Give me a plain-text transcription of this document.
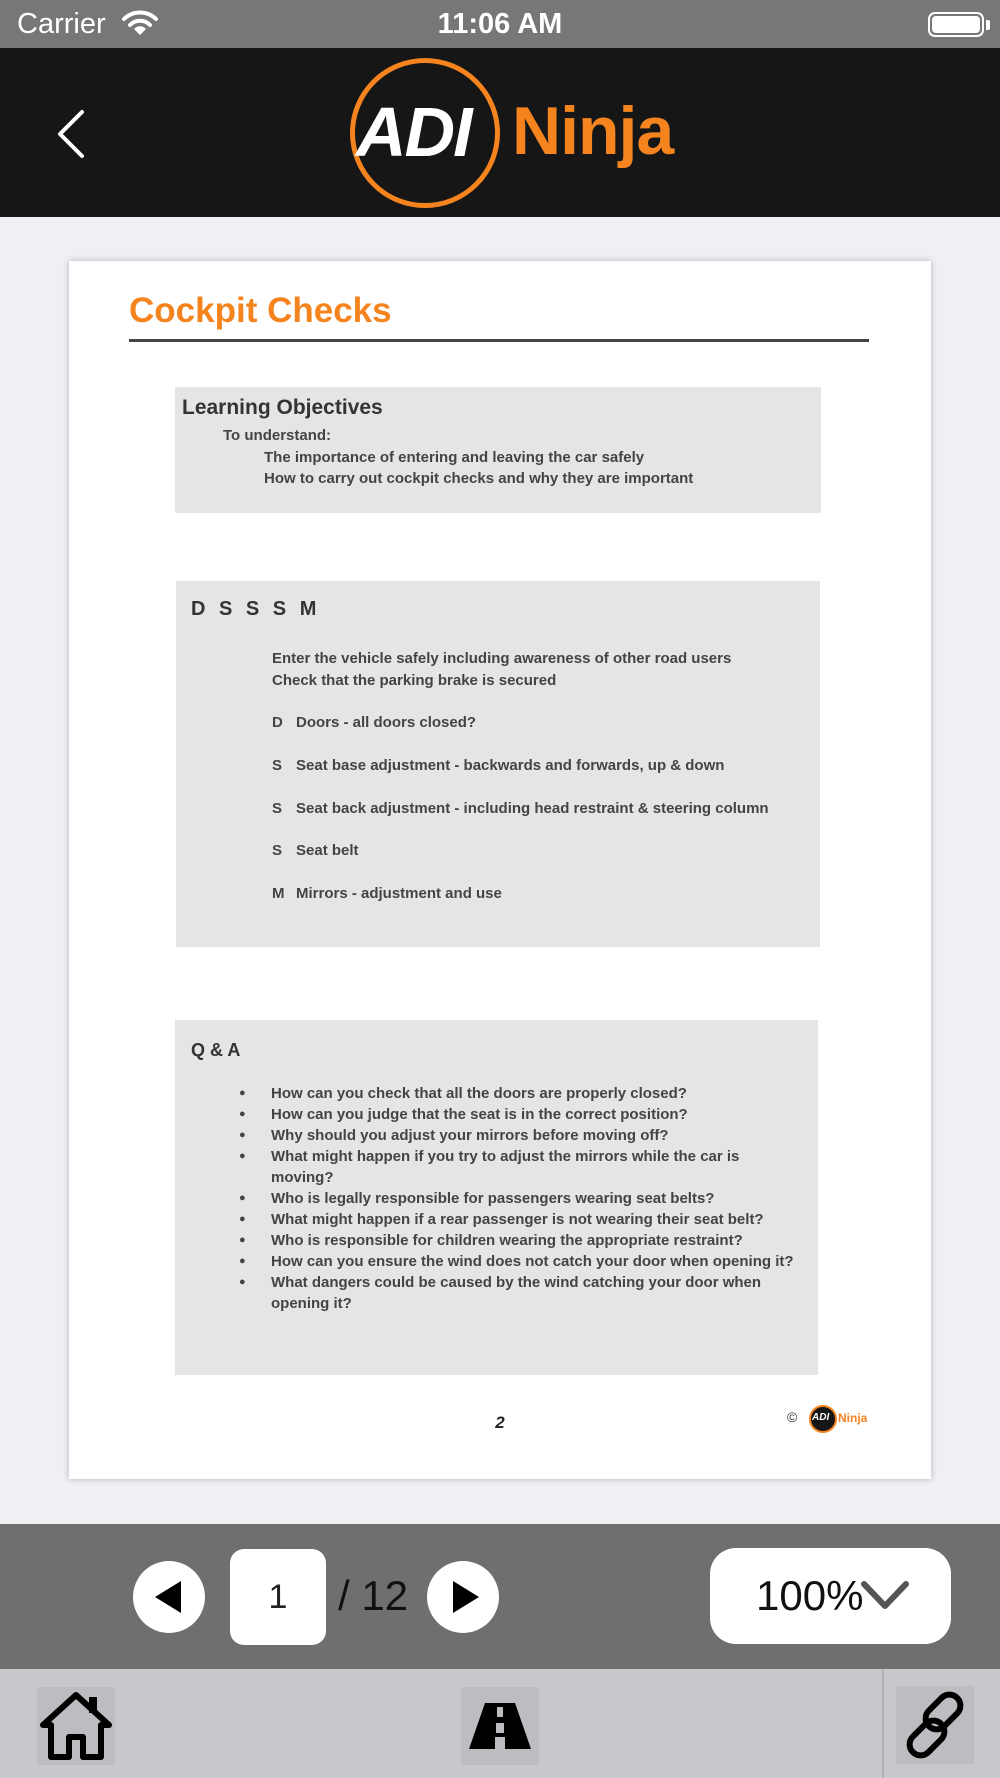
Carrier	11:06 AM
ADI Ninja
Cockpit Checks
Learning Objectives
To understand:
The importance of entering and leaving the car safely
How to carry out cockpit checks and why they are important
D S S S M
Enter the vehicle safely including awareness of other road users
Check that the parking brake is secured
D Doors - all doors closed?
S Seat base adjustment - backwards and forwards, up & down
S Seat back adjustment - including head restraint & steering column
S Seat belt
M Mirrors - adjustment and use
Q & A
● How can you check that all the doors are properly closed?
● How can you judge that the seat is in the correct position?
● Why should you adjust your mirrors before moving off?
● What might happen if you try to adjust the mirrors while the car is moving?
● Who is legally responsible for passengers wearing seat belts?
● What might happen if a rear passenger is not wearing their seat belt?
● Who is responsible for children wearing the appropriate restraint?
● How can you ensure the wind does not catch your door when opening it?
● What dangers could be caused by the wind catching your door when opening it?
2	© ADI Ninja
1
/ 12	100%
